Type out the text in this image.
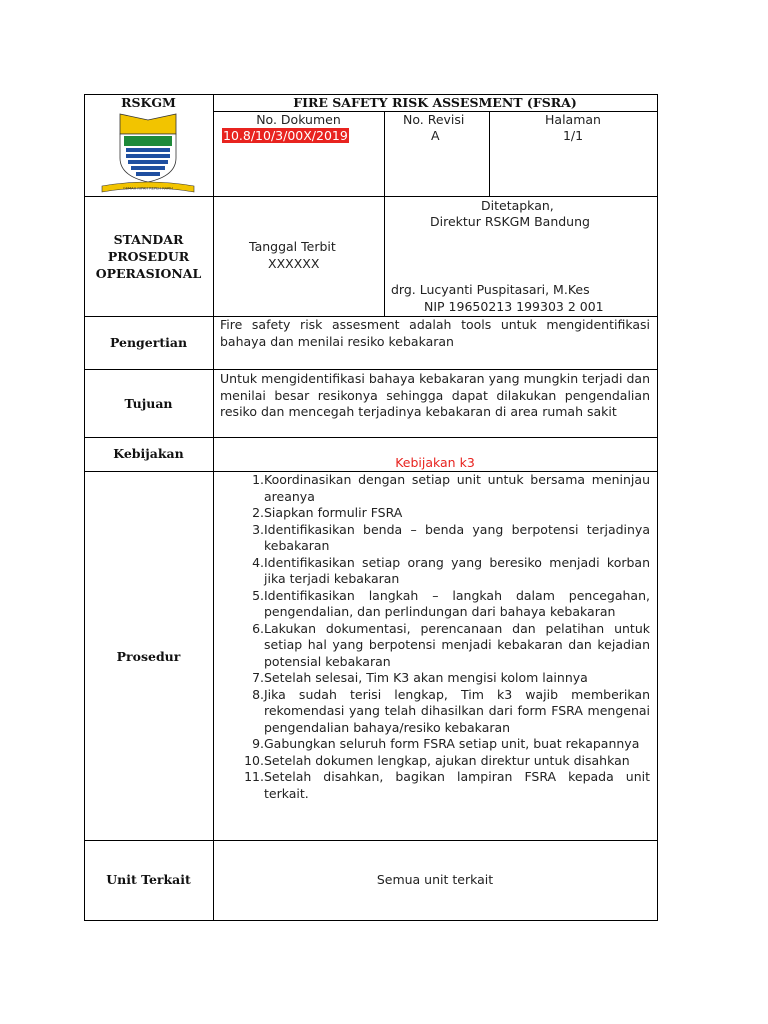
RSKGM
GEMAH RIPAH REPEH RAPIH
FIRE SAFETY RISK ASSESMENT (FSRA)
No. Dokumen
10.8/10/3/00X/2019
No. Revisi
A
Halaman
1/1
STANDAR
PROSEDUR
OPERASIONAL
Tanggal Terbit
XXXXXX
Ditetapkan,
Direktur RSKGM Bandung
drg. Lucyanti Puspitasari, M.Kes
NIP 19650213 199303 2 001
Pengertian
Fire safety risk assesment adalah tools untuk mengidentifikasi bahaya dan menilai resiko kebakaran
Tujuan
Untuk mengidentifikasi bahaya kebakaran yang mungkin terjadi dan menilai besar resikonya sehingga dapat dilakukan pengendalian resiko dan mencegah terjadinya kebakaran di area rumah sakit
Kebijakan
Kebijakan k3
Prosedur
1. Koordinasikan dengan setiap unit untuk bersama meninjau areanya
2. Siapkan formulir FSRA
3. Identifikasikan benda – benda yang berpotensi terjadinya kebakaran
4. Identifikasikan setiap orang yang beresiko menjadi korban jika terjadi kebakaran
5. Identifikasikan langkah – langkah dalam pencegahan, pengendalian, dan perlindungan dari bahaya kebakaran
6. Lakukan dokumentasi, perencanaan dan pelatihan untuk setiap hal yang berpotensi menjadi kebakaran dan kejadian potensial kebakaran
7. Setelah selesai, Tim K3 akan mengisi kolom lainnya
8. Jika sudah terisi lengkap, Tim k3 wajib memberikan rekomendasi yang telah dihasilkan dari form FSRA mengenai pengendalian bahaya/resiko kebakaran
9. Gabungkan seluruh form FSRA setiap unit, buat rekapannya
10. Setelah dokumen lengkap, ajukan direktur untuk disahkan
11. Setelah disahkan, bagikan lampiran FSRA kepada unit terkait.
Unit Terkait	Semua unit terkait
